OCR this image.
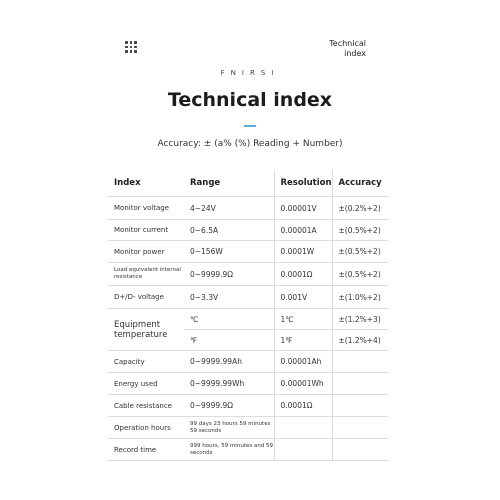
Technical
index
FNIRSI
Technical index
Accuracy: ± (a% (%) Reading + Number)
Index	Range	Resolution	Accuracy
Monitor voltage	4~24V	0.00001V	±(0.2%+2)
Monitor current	0~6.5A	0.00001A	±(0.5%+2)
Monitor power	0~156W	0.0001W	±(0.5%+2)
Load equivalent internal resistance	0~9999.9Ω	0.0001Ω	±(0.5%+2)
D+/D- voltage	0~3.3V	0.001V	±(1.0%+2)
Equipment temperature	℃	1℃	±(1.2%+3)
	℉	1℉	±(1.2%+4)
Capacity	0~9999.99Ah	0.00001Ah	
Energy used	0~9999.99Wh	0.00001Wh	
Cable resistance	0~9999.9Ω	0.0001Ω	
Operation hours	99 days 23 hours 59 minutes 59 seconds		
Record time	999 hours, 59 minutes and 59 seconds		
